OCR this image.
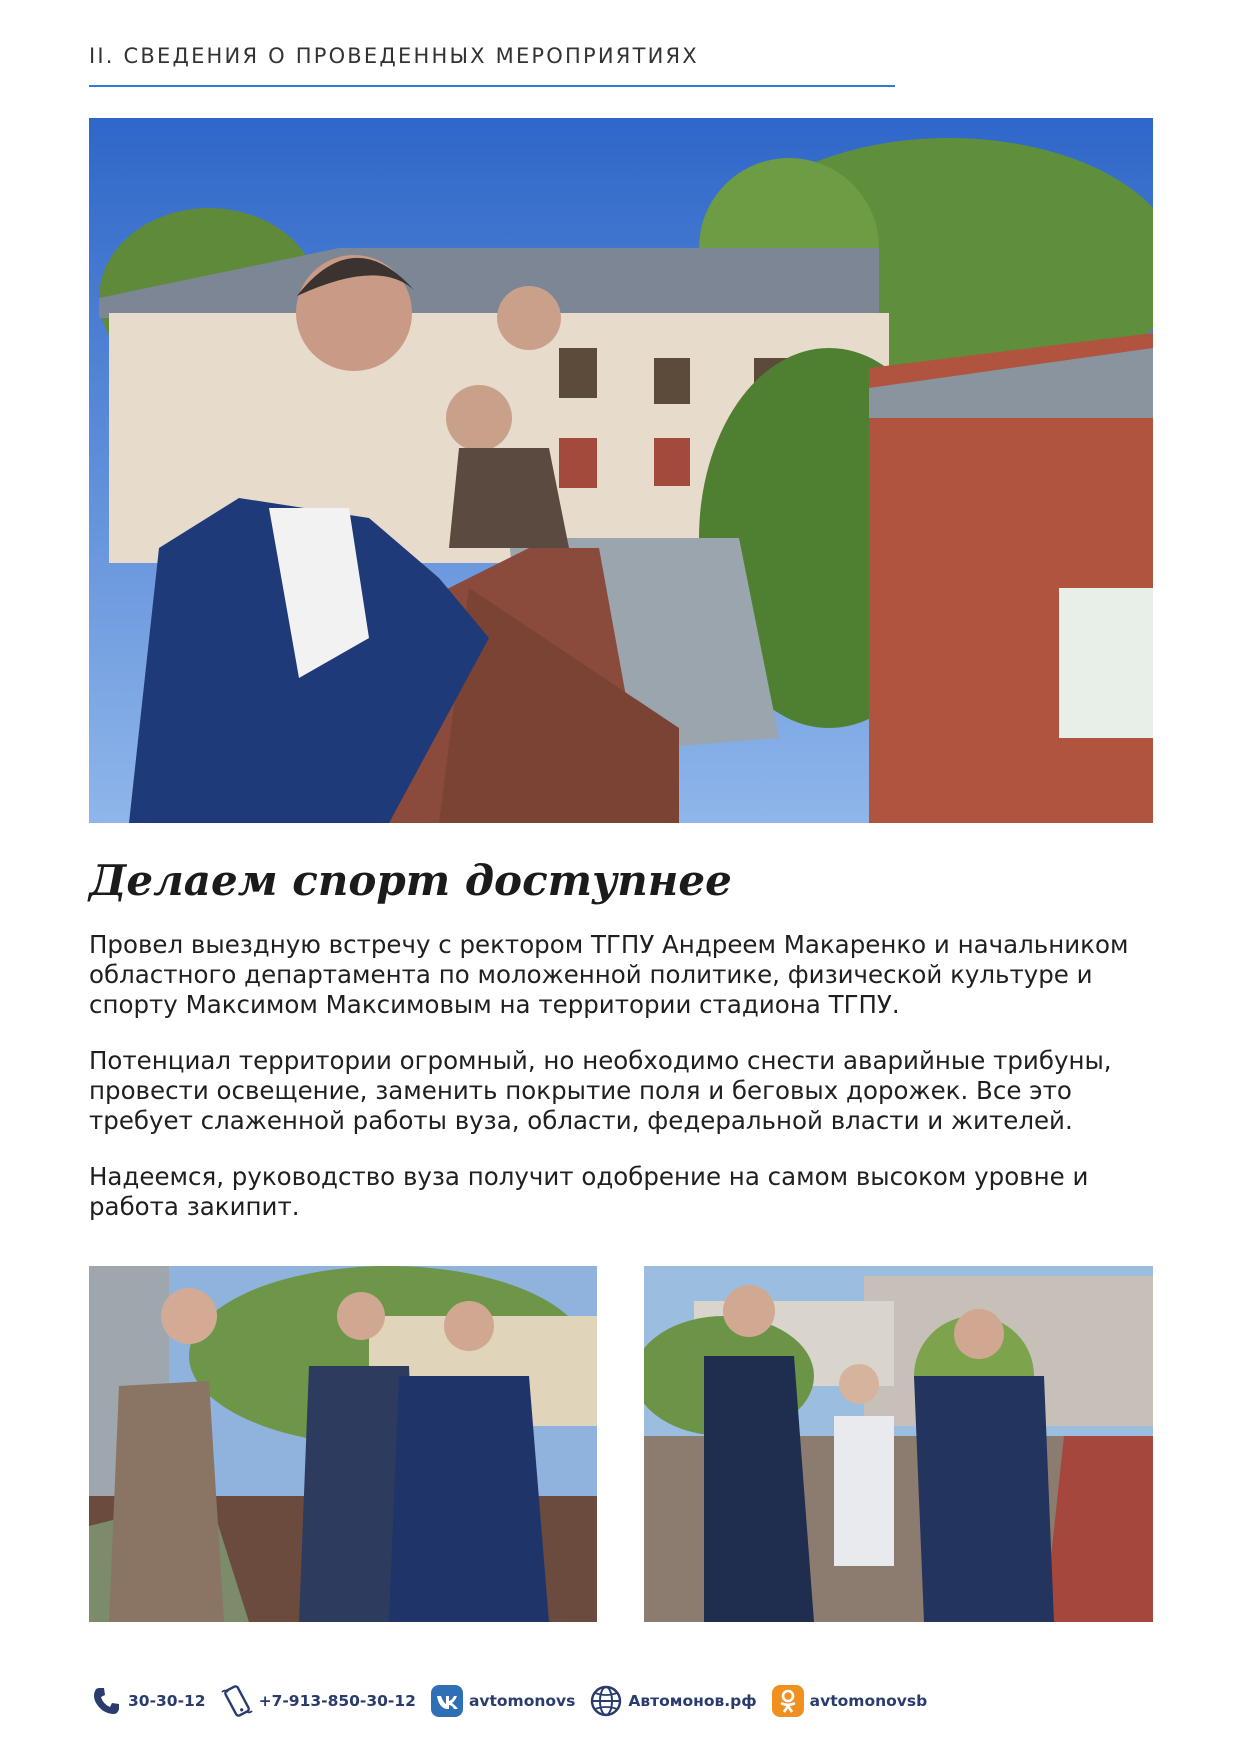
II. СВЕДЕНИЯ О ПРОВЕДЕННЫХ МЕРОПРИЯТИЯХ
Делаем спорт доступнее

Провел выездную встречу с ректором ТГПУ Андреем Макаренко и начальником областного департамента по моложенной политике, физической культуре и спорту Максимом Максимовым на территории стадиона ТГПУ.

Потенциал территории огромный, но необходимо снести аварийные трибуны, провести освещение, заменить покрытие поля и беговых дорожек. Все это требует слаженной работы вуза, области, федеральной власти и жителей.

Надеемся, руководство вуза получит одобрение на самом высоком уровне и работа закипит.

30-30-12	+7-913-850-30-12	avtomonovs	Автомонов.рф	avtomonovsb
